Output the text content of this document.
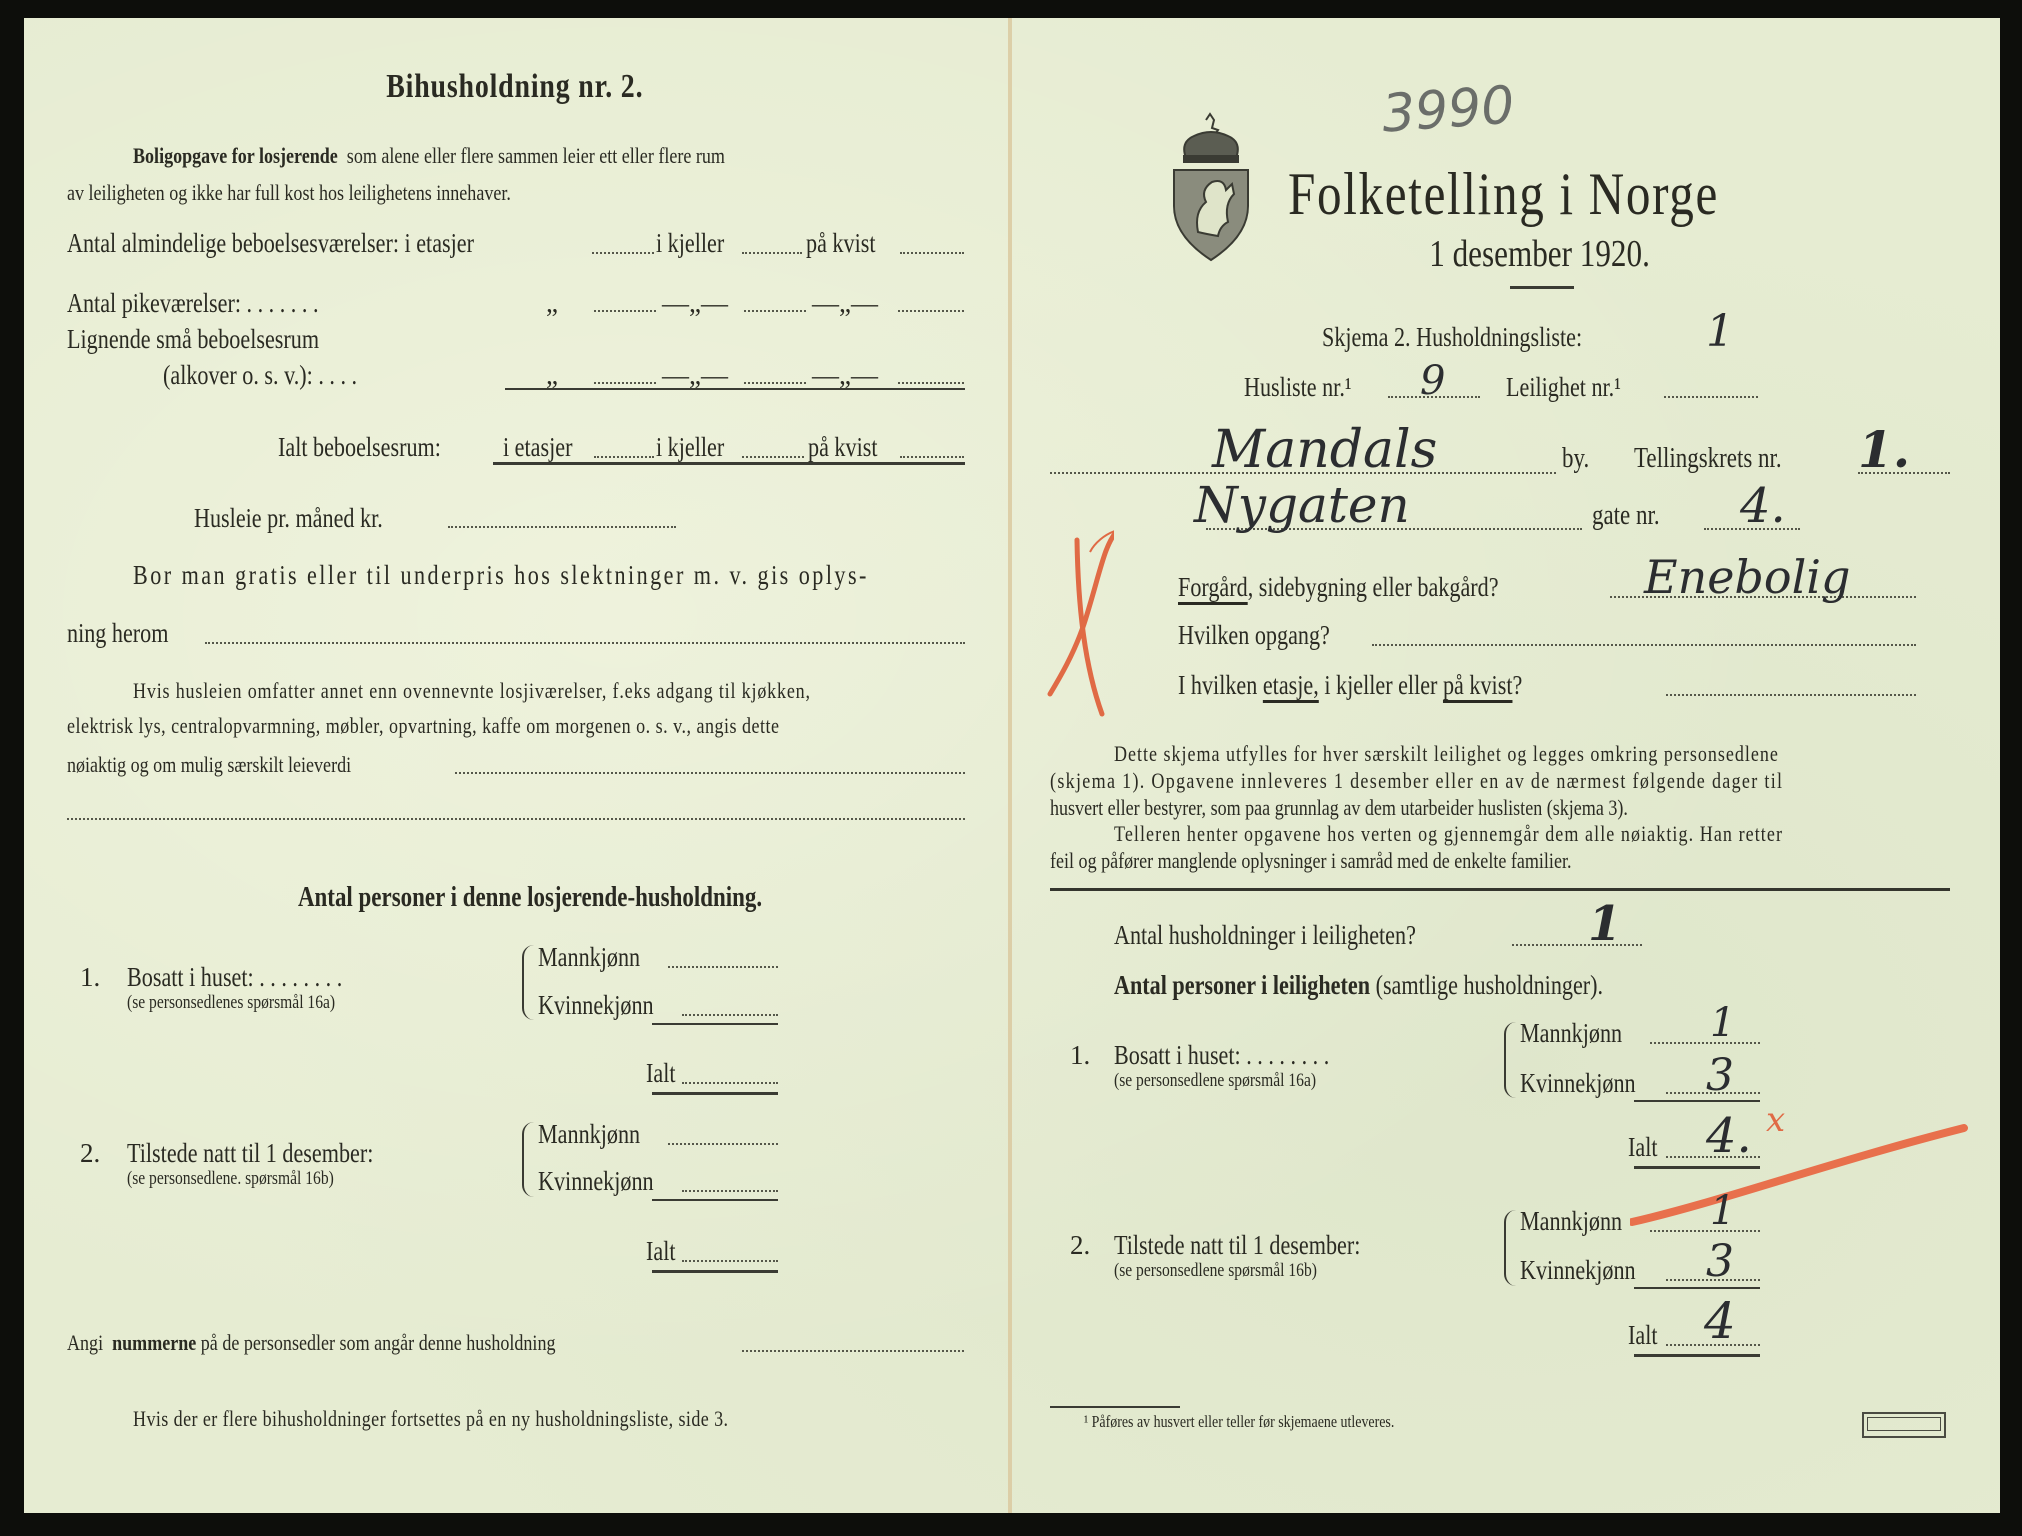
Bihusholdning nr. 2.
Boligopgave for losjerende som alene eller flere sammen leier ett eller flere rum
av leiligheten og ikke har full kost hos leilighetens innehaver.
Antal almindelige beboelsesværelser: i etasjer	i kjeller	på kvist
Antal pikeværelser: . . . . . . .	„	—„—	—„—
Lignende små beboelsesrum
(alkover o. s. v.): . . . .	„	—„—	—„—
Ialt beboelsesrum:	i etasjer	i kjeller	på kvist
Husleie pr. måned kr.
Bor man gratis eller til underpris hos slektninger m. v. gis oplys-
ning herom
Hvis husleien omfatter annet enn ovennevnte losjiværelser, f.eks adgang til kjøkken,
elektrisk lys, centralopvarmning, møbler, opvartning, kaffe om morgenen o. s. v., angis dette
nøiaktig og om mulig særskilt leieverdi
Antal personer i denne losjerende-husholdning.
1. Bosatt i huset: . . . . . . . .
(se personsedlenes spørsmål 16a)
Mannkjønn
Kvinnekjønn
Ialt
2. Tilstede natt til 1 desember:
(se personsedlene. spørsmål 16b)
Mannkjønn
Kvinnekjønn
Ialt
Angi nummerne på de personsedler som angår denne husholdning
Hvis der er flere bihusholdninger fortsettes på en ny husholdningsliste, side 3.
3990
Folketelling i Norge
1 desember 1920.
Skjema 2. Husholdningsliste:	1
Husliste nr.¹	9 Leilighet nr.¹
Mandals	by. Tellingskrets nr.	1.
Nygaten	gate nr.	4.
Forgård, sidebygning eller bakgård?	Enebolig
Hvilken opgang?
I hvilken etasje, i kjeller eller på kvist?
Dette skjema utfylles for hver særskilt leilighet og legges omkring personsedlene
(skjema 1). Opgavene innleveres 1 desember eller en av de nærmest følgende dager til
husvert eller bestyrer, som paa grunnlag av dem utarbeider huslisten (skjema 3).
Telleren henter opgavene hos verten og gjennemgår dem alle nøiaktig. Han retter
feil og påfører manglende oplysninger i samråd med de enkelte familier.
Antal husholdninger i leiligheten?	1
Antal personer i leiligheten (samtlige husholdninger).
1. Bosatt i huset: . . . . . . . .
(se personsedlene spørsmål 16a)
Mannkjønn	1
Kvinnekjønn	3
Ialt 4. x
2. Tilstede natt til 1 desember:
(se personsedlene spørsmål 16b)
Mannkjønn	1
Kvinnekjønn	3
Ialt 4
¹ Påføres av husvert eller teller før skjemaene utleveres.
